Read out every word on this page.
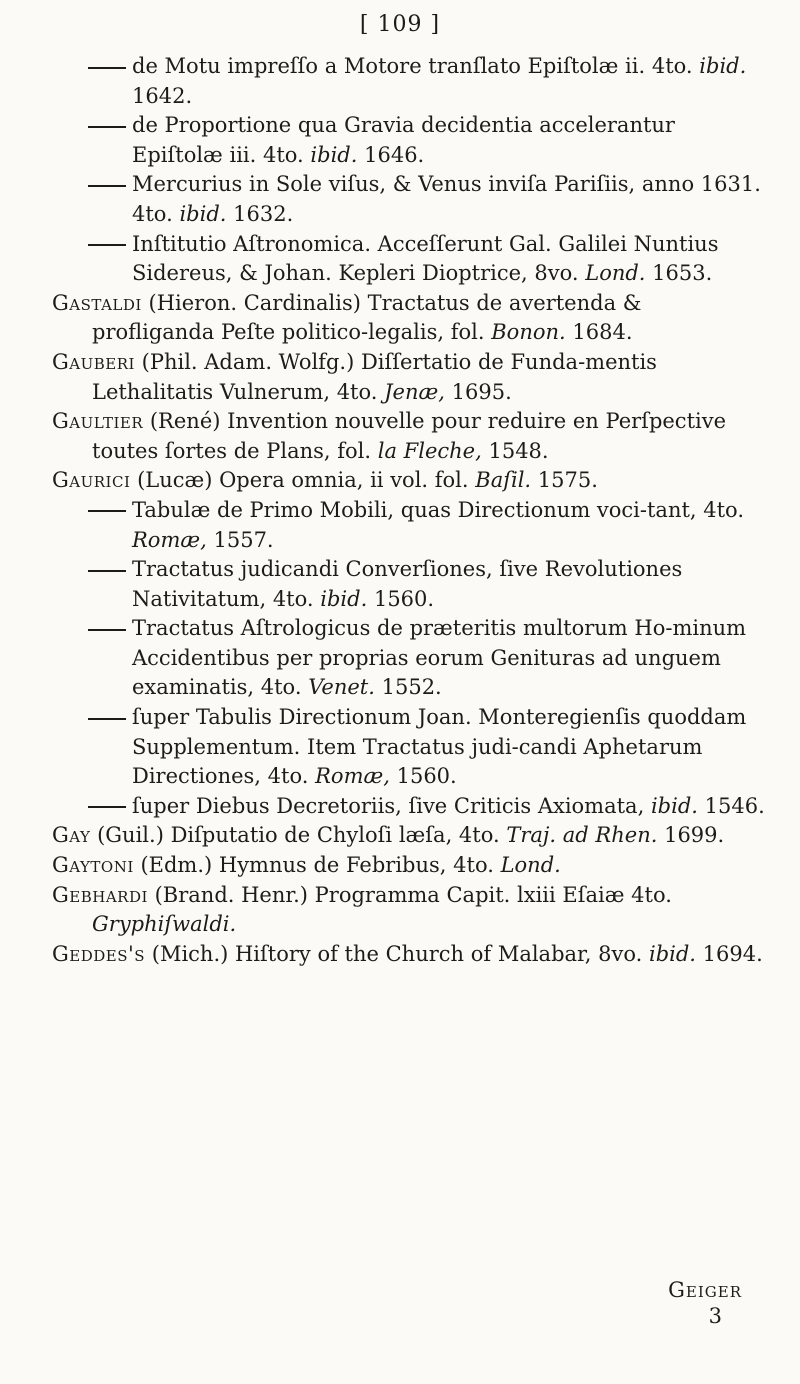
[ 109 ]
de Motu impreſſo a Motore tranſlato Epiſtolæ ii. 4to. ibid. 1642.
de Proportione qua Gravia decidentia accelerantur Epiſtolæ iii. 4to. ibid. 1646.
Mercurius in Sole viſus, & Venus inviſa Pariſiis, anno 1631. 4to. ibid. 1632.
Inſtitutio Aſtronomica. Acceſſerunt Gal. Galilei Nuntius Sidereus, & Johan. Kepleri Dioptrice, 8vo. Lond. 1653.
Gastaldi (Hieron. Cardinalis) Tractatus de avertenda & profliganda Peſte politico-legalis, fol. Bonon. 1684.
Gauberi (Phil. Adam. Wolfg.) Diſſertatio de Funda-mentis Lethalitatis Vulnerum, 4to. Jenæ, 1695.
Gaultier (René) Invention nouvelle pour reduire en Perſpective toutes ſortes de Plans, fol. la Fleche, 1548.
Gaurici (Lucæ) Opera omnia, ii vol. fol. Baſil. 1575.
Tabulæ de Primo Mobili, quas Directionum voci-tant, 4to. Romæ, 1557.
Tractatus judicandi Converſiones, ſive Revolutiones Nativitatum, 4to. ibid. 1560.
Tractatus Aſtrologicus de præteritis multorum Ho-minum Accidentibus per proprias eorum Genituras ad unguem examinatis, 4to. Venet. 1552.
ſuper Tabulis Directionum Joan. Monteregienſis quoddam Supplementum. Item Tractatus judi-candi Aphetarum Directiones, 4to. Romæ, 1560.
ſuper Diebus Decretoriis, ſive Criticis Axiomata, ibid. 1546.
Gay (Guil.) Diſputatio de Chyloſi læſa, 4to. Traj. ad Rhen. 1699.
Gaytoni (Edm.) Hymnus de Febribus, 4to. Lond.
Gebhardi (Brand. Henr.) Programma Capit. lxiii Eſaiæ 4to. Gryphiſwaldi.
Geddes's (Mich.) Hiſtory of the Church of Malabar, 8vo. ibid. 1694.
Geiger
3
